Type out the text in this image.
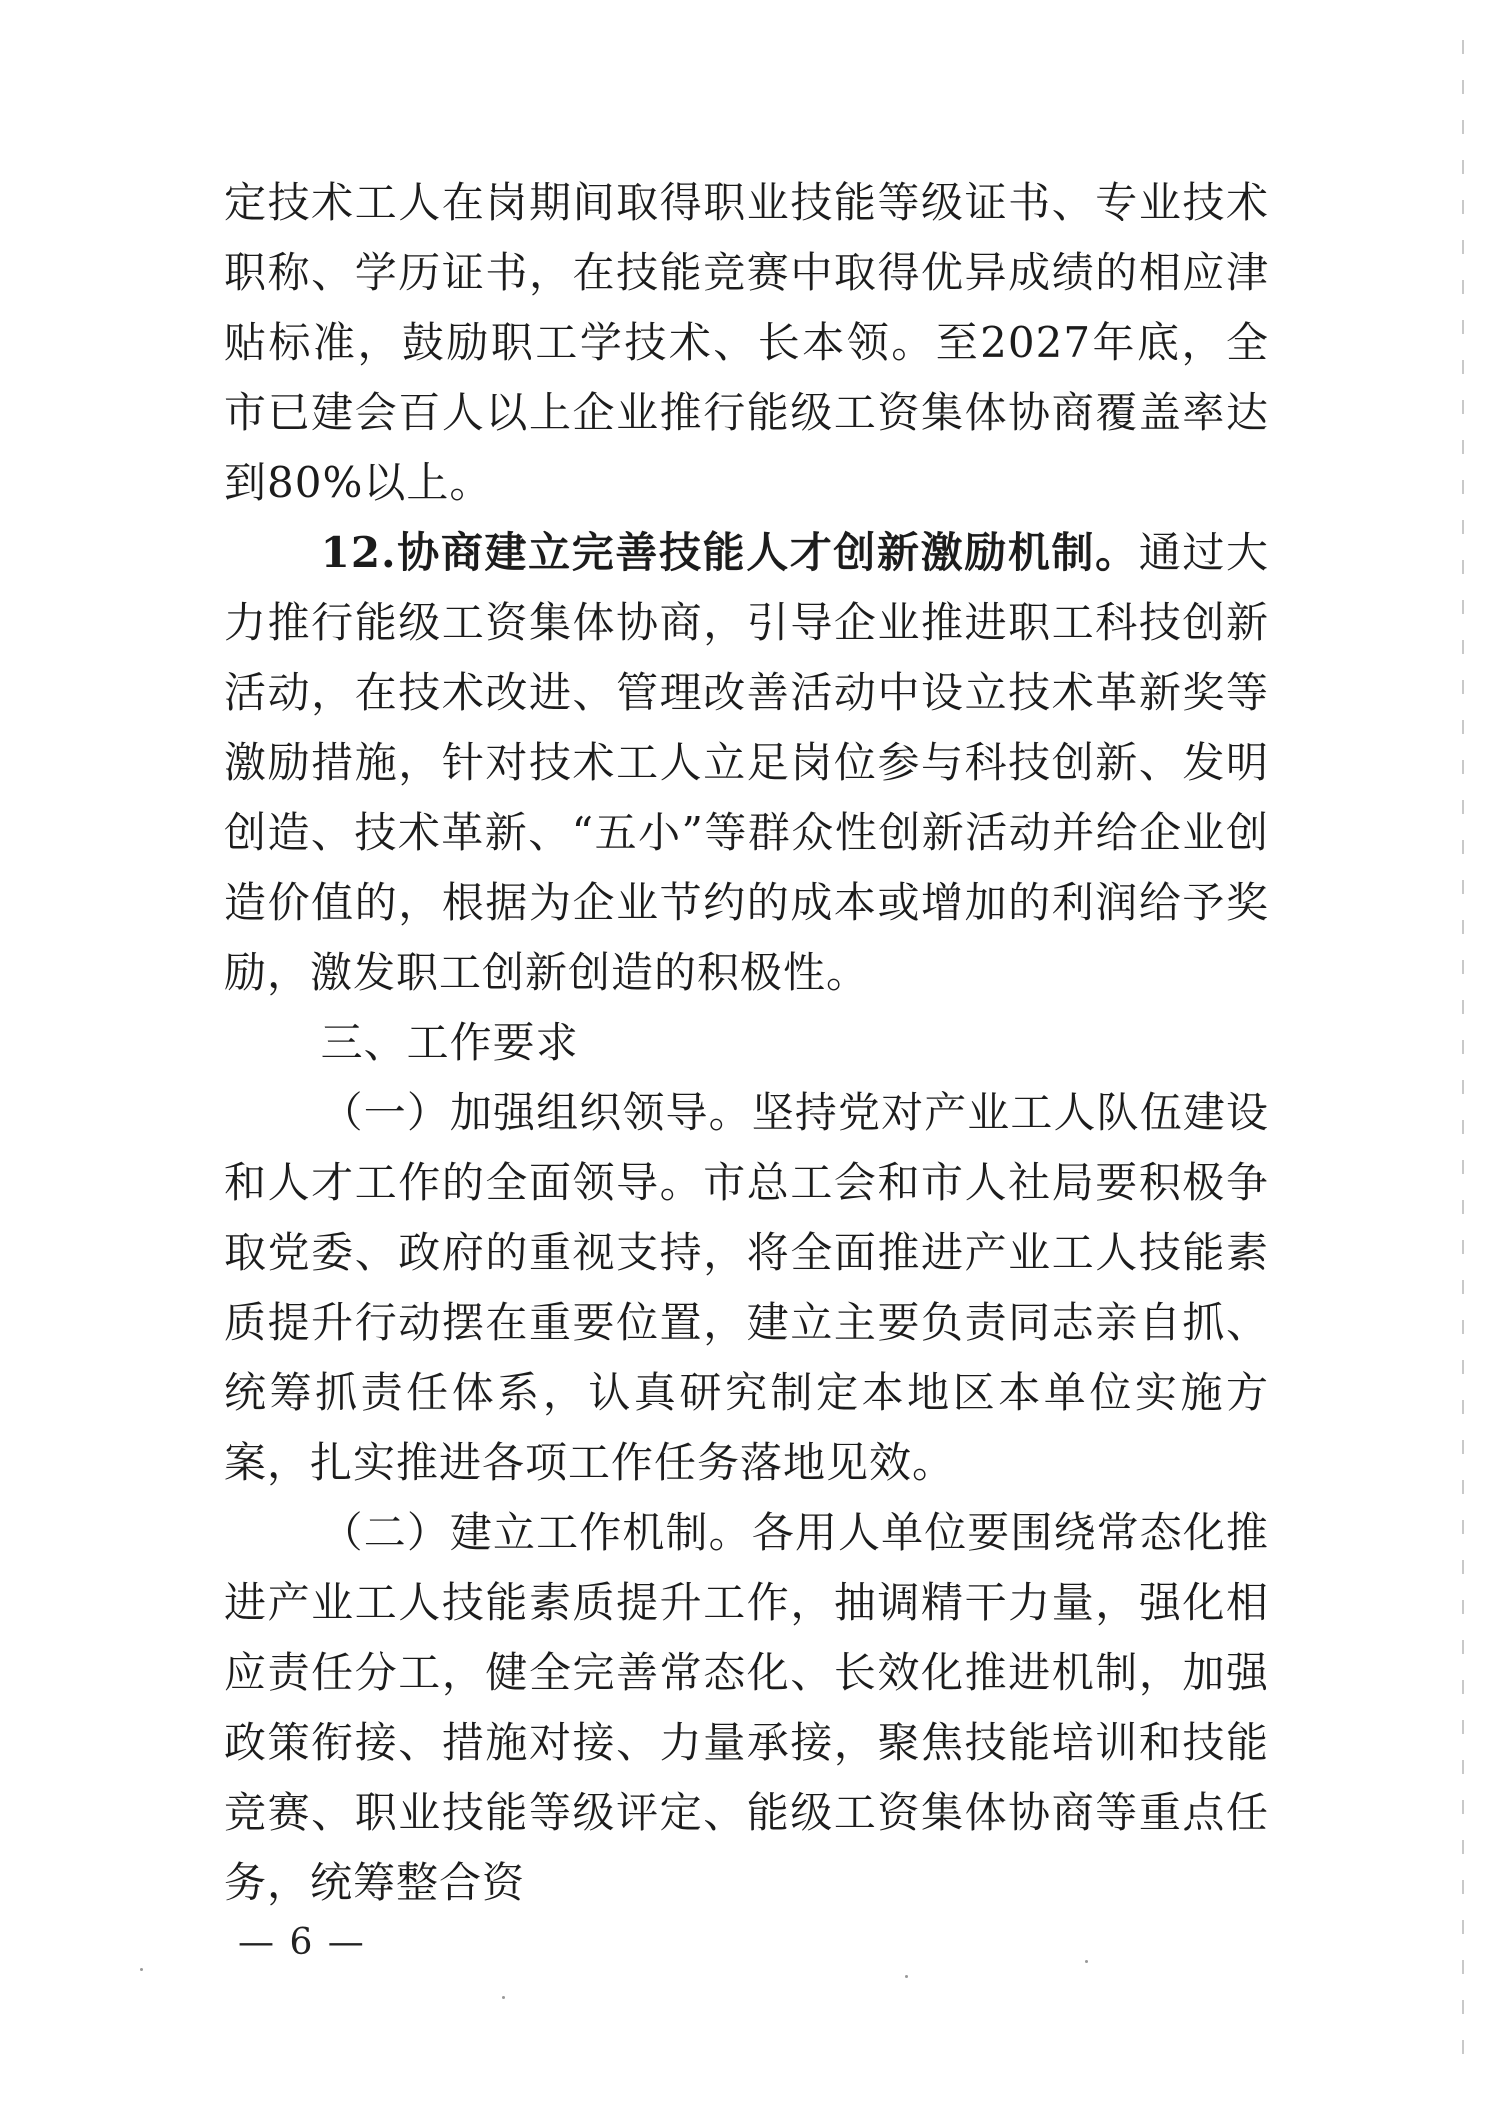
定技术工人在岗期间取得职业技能等级证书、专业技术职称、学历证书，在技能竞赛中取得优异成绩的相应津贴标准，鼓励职工学技术、长本领。至2027年底，全市已建会百人以上企业推行能级工资集体协商覆盖率达到80%以上。

12.协商建立完善技能人才创新激励机制。通过大力推行能级工资集体协商，引导企业推进职工科技创新活动，在技术改进、管理改善活动中设立技术革新奖等激励措施，针对技术工人立足岗位参与科技创新、发明创造、技术革新、“五小”等群众性创新活动并给企业创造价值的，根据为企业节约的成本或增加的利润给予奖励，激发职工创新创造的积极性。

三、工作要求

（一）加强组织领导。坚持党对产业工人队伍建设和人才工作的全面领导。市总工会和市人社局要积极争取党委、政府的重视支持，将全面推进产业工人技能素质提升行动摆在重要位置，建立主要负责同志亲自抓、统筹抓责任体系，认真研究制定本地区本单位实施方案，扎实推进各项工作任务落地见效。

（二）建立工作机制。各用人单位要围绕常态化推进产业工人技能素质提升工作，抽调精干力量，强化相应责任分工，健全完善常态化、长效化推进机制，加强政策衔接、措施对接、力量承接，聚焦技能培训和技能竞赛、职业技能等级评定、能级工资集体协商等重点任务，统筹整合资

— 6 —
